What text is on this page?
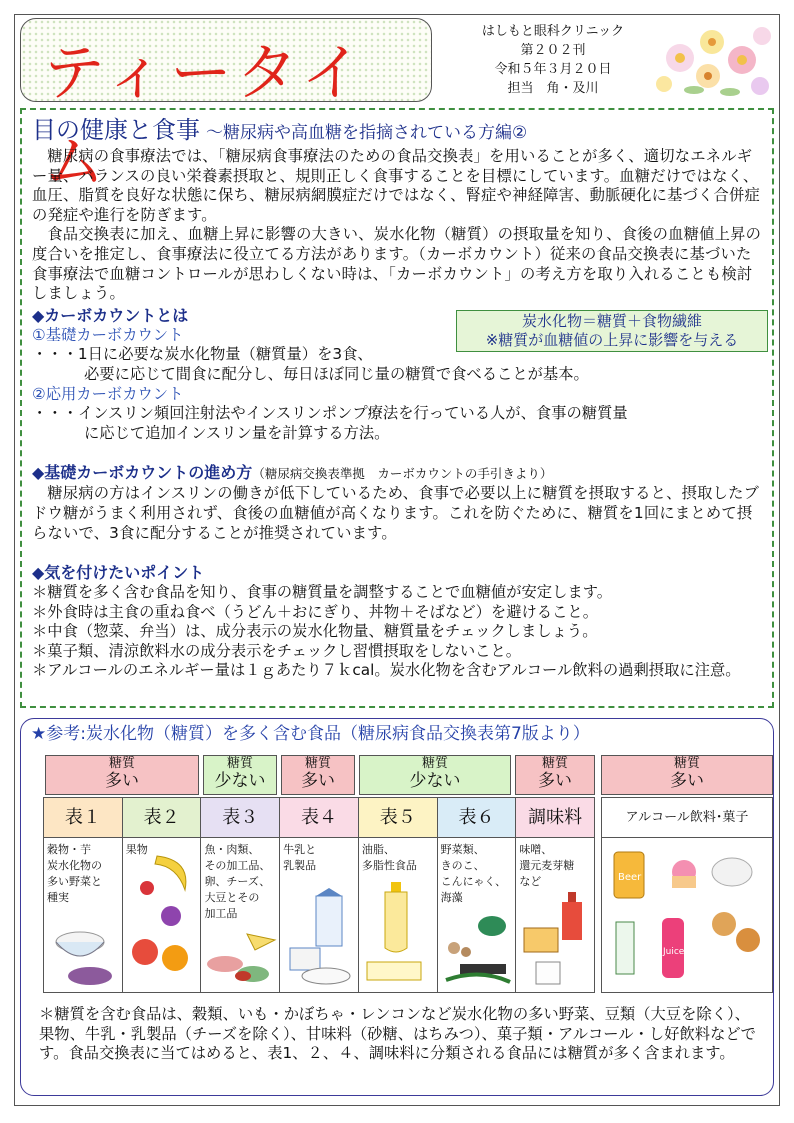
ティータイム
はしもと眼科クリニック
第２０２刊
令和５年３月２０日
担当　角・及川
目の健康と食事 ～糖尿病や高血糖を指摘されている方編②
糖尿病の食事療法では、「糖尿病食事療法のための食品交換表」を用いることが多く、適切なエネルギー量、バランスの良い栄養素摂取と、規則正しく食事することを目標にしています。血糖だけではなく、血圧、脂質を良好な状態に保ち、糖尿病網膜症だけではなく、腎症や神経障害、動脈硬化に基づく合併症の発症や進行を防ぎます。
食品交換表に加え、血糖上昇に影響の大きい、炭水化物（糖質）の摂取量を知り、食後の血糖値上昇の度合いを推定し、食事療法に役立てる方法があります。（カーボカウント）従来の食品交換表に基づいた食事療法で血糖コントロールが思わしくない時は、「カーボカウント」の考え方を取り入れることも検討しましょう。
炭水化物＝糖質＋食物繊維
※糖質が血糖値の上昇に影響を与える
◆カーボカウントとは
①基礎カーボカウント
・・・1日に必要な炭水化物量（糖質量）を3食、
必要に応じて間食に配分し、毎日ほぼ同じ量の糖質で食べることが基本。
②応用カーボカウント
・・・インスリン頻回注射法やインスリンポンプ療法を行っている人が、食事の糖質量
に応じて追加インスリン量を計算する方法。
◆基礎カーボカウントの進め方（糖尿病交換表準拠　カーボカウントの手引きより）
糖尿病の方はインスリンの働きが低下しているため、食事で必要以上に糖質を摂取すると、摂取したブドウ糖がうまく利用されず、食後の血糖値が高くなります。これを防ぐために、糖質を1回にまとめて摂らないで、3食に配分することが推奨されています。
◆気を付けたいポイント
＊糖質を多く含む食品を知り、食事の糖質量を調整することで血糖値が安定します。
＊外食時は主食の重ね食べ（うどん＋おにぎり、丼物＋そばなど）を避けること。
＊中食（惣菜、弁当）は、成分表示の炭水化物量、糖質量をチェックしましょう。
＊菓子類、清涼飲料水の成分表示をチェックし習慣摂取をしないこと。
＊アルコールのエネルギー量は１ｇあたり７ｋcal。炭水化物を含むアルコール飲料の過剰摂取に注意。
★参考:炭水化物（糖質）を多く含む食品（糖尿病食品交換表第7版より）
糖質
多い
糖質
少ない
糖質
多い
糖質
少ない
糖質
多い
糖質
多い
表１
穀物・芋
炭水化物の
多い野菜と
種実
表２
果物
表３
魚・肉類、
その加工品、
卵、チーズ、
大豆とその
加工品
表４
牛乳と
乳製品
表５
油脂、
多脂性食品
表６
野菜類、
きのこ、
こんにゃく、
海藻
調味料
味噌、
還元麦芽糖
など
アルコール飲料･菓子
Beer
Juice
＊糖質を含む食品は、穀類、いも・かぼちゃ・レンコンなど炭水化物の多い野菜、豆類（大豆を除く）、果物、牛乳・乳製品（チーズを除く）、甘味料（砂糖、はちみつ）、菓子類・アルコール・し好飲料などです。食品交換表に当てはめると、表1、２、４、調味料に分類される食品には糖質が多く含まれます。
